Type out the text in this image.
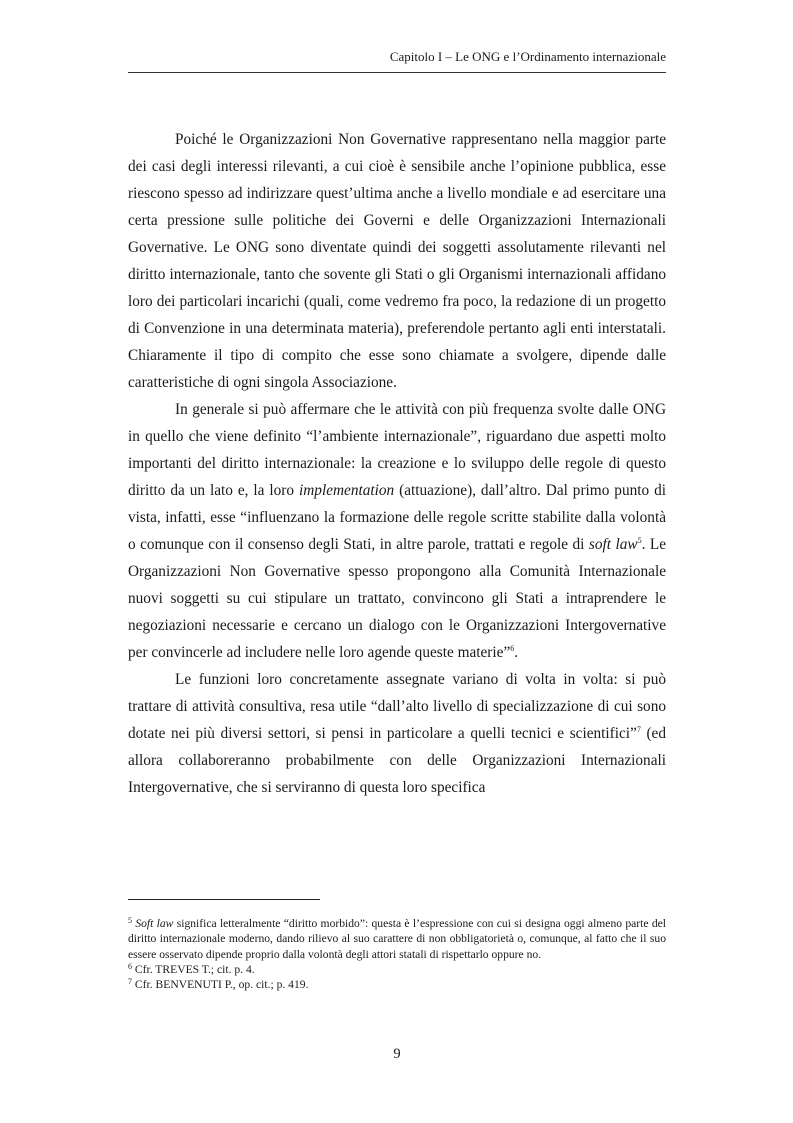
Capitolo I – Le ONG e l’Ordinamento internazionale

Poiché le Organizzazioni Non Governative rappresentano nella maggior parte dei casi degli interessi rilevanti, a cui cioè è sensibile anche l’opinione pubblica, esse riescono spesso ad indirizzare quest’ultima anche a livello mondiale e ad esercitare una certa pressione sulle politiche dei Governi e delle Organizzazioni Internazionali Governative. Le ONG sono diventate quindi dei soggetti assolutamente rilevanti nel diritto internazionale, tanto che sovente gli Stati o gli Organismi internazionali affidano loro dei particolari incarichi (quali, come vedremo fra poco, la redazione di un progetto di Convenzione in una determinata materia), preferendole pertanto agli enti interstatali. Chiaramente il tipo di compito che esse sono chiamate a svolgere, dipende dalle caratteristiche di ogni singola Associazione.

In generale si può affermare che le attività con più frequenza svolte dalle ONG in quello che viene definito “l’ambiente internazionale”, riguardano due aspetti molto importanti del diritto internazionale: la creazione e lo sviluppo delle regole di questo diritto da un lato e, la loro implementation (attuazione), dall’altro. Dal primo punto di vista, infatti, esse “influenzano la formazione delle regole scritte stabilite dalla volontà o comunque con il consenso degli Stati, in altre parole, trattati e regole di soft law$^5$. Le Organizzazioni Non Governative spesso propongono alla Comunità Internazionale nuovi soggetti su cui stipulare un trattato, convincono gli Stati a intraprendere le negoziazioni necessarie e cercano un dialogo con le Organizzazioni Intergovernative per convincerle ad includere nelle loro agende queste materie”$^6$.

Le funzioni loro concretamente assegnate variano di volta in volta: si può trattare di attività consultiva, resa utile “dall’alto livello di specializzazione di cui sono dotate nei più diversi settori, si pensi in particolare a quelli tecnici e scientifici”$^7$ (ed allora collaboreranno probabilmente con delle Organizzazioni Internazionali Intergovernative, che si serviranno di questa loro specifica

$^5$ Soft law significa letteralmente “diritto morbido”: questa è l’espressione con cui si designa oggi almeno parte del diritto internazionale moderno, dando rilievo al suo carattere di non obbligatorietà o, comunque, al fatto che il suo essere osservato dipende proprio dalla volontà degli attori statali di rispettarlo oppure no.

$^6$ Cfr. TREVES T.; cit. p. 4.

$^7$ Cfr. BENVENUTI P., op. cit.; p. 419.

9
